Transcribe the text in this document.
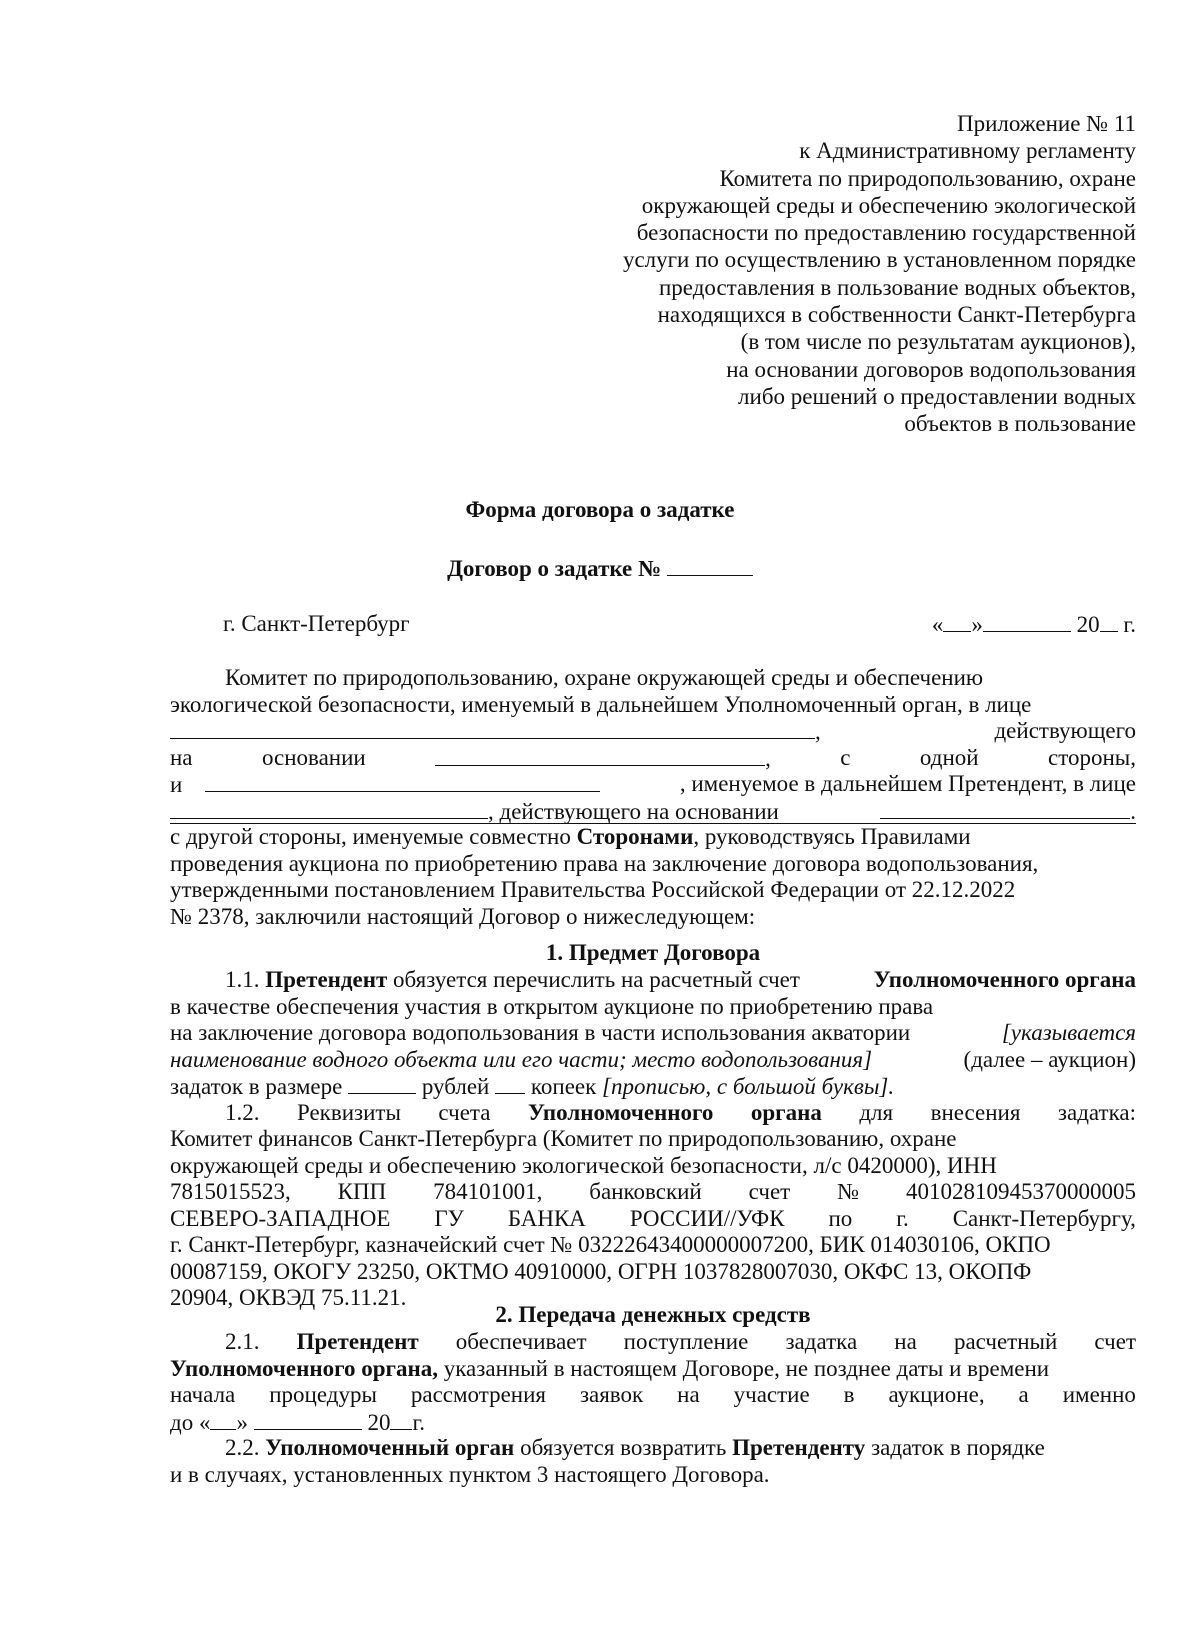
Приложение № 11
к Административному регламенту
Комитета по природопользованию, охране
окружающей среды и обеспечению экологической
безопасности по предоставлению государственной
услуги по осуществлению в установленном порядке
предоставления в пользование водных объектов,
находящихся в собственности Санкт-Петербурга
(в том числе по результатам аукционов),
на основании договоров водопользования
либо решений о предоставлении водных
объектов в пользование
Форма договора о задатке
Договор о задатке №
г. Санкт-Петербург	« »	20 г.
Комитет по природопользованию, охране окружающей среды и обеспечению
экологической безопасности, именуемый в дальнейшем Уполномоченный орган, в лице
,	действующего
на	основании	,	с	одной	стороны,
и	, именуемое в дальнейшем Претендент, в лице
, действующего на основании	.
с другой стороны, именуемые совместно Сторонами, руководствуясь Правилами
проведения аукциона по приобретению права на заключение договора водопользования,
утвержденными постановлением Правительства Российской Федерации от 22.12.2022
№ 2378, заключили настоящий Договор о нижеследующем:
1. Предмет Договора
1.1. Претендент обязуется перечислить на расчетный счет	Уполномоченного органа
в качестве обеспечения участия в открытом аукционе по приобретению права
на заключение договора водопользования в части использования акватории	[указывается
наименование водного объекта или его части; место водопользования]	(далее – аукцион)
задаток в размере	рублей копеек [прописью, с большой буквы].
1.2. Реквизиты счета Уполномоченного органа для внесения задатка:
Комитет финансов Санкт-Петербурга (Комитет по природопользованию, охране
окружающей среды и обеспечению экологической безопасности, л/с 0420000), ИНН
7815015523, КПП 784101001, банковский счет № 40102810945370000005
СЕВЕРО-ЗАПАДНОЕ ГУ БАНКА РОССИИ//УФК по г. Санкт-Петербургу,
г. Санкт-Петербург, казначейский счет № 03222643400000007200, БИК 014030106, ОКПО
00087159, ОКОГУ 23250, ОКТМО 40910000, ОГРН 1037828007030, ОКФС 13, ОКОПФ
20904, ОКВЭД 75.11.21.
2. Передача денежных средств
2.1. Претендент обеспечивает поступление задатка на расчетный счет
Уполномоченного органа, указанный в настоящем Договоре, не позднее даты и времени
начала процедуры рассмотрения заявок на участие в аукционе, а именно
до « »	20 г.
2.2. Уполномоченный орган обязуется возвратить Претенденту задаток в порядке
и в случаях, установленных пунктом 3 настоящего Договора.
